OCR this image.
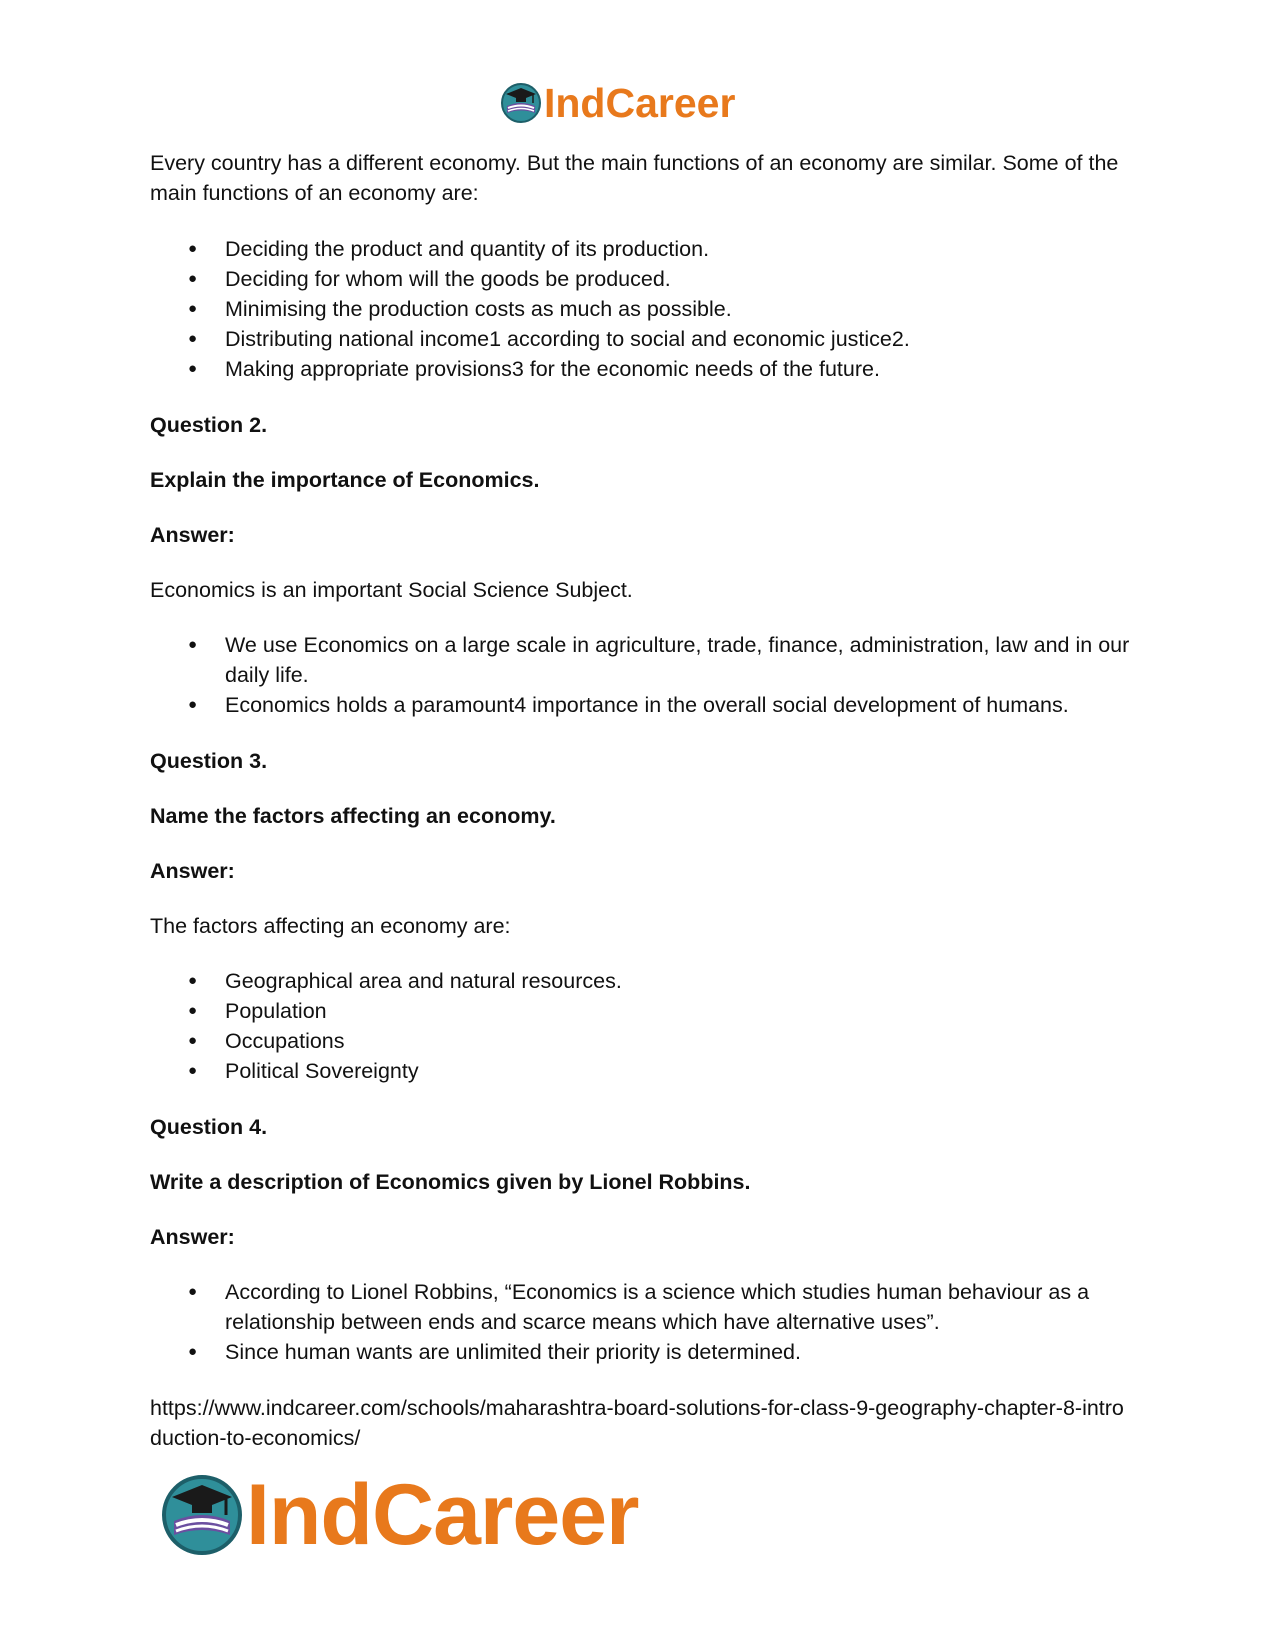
IndCareer

Every country has a different economy. But the main functions of an economy are similar. Some of the main functions of an economy are:

● Deciding the product and quantity of its production.
● Deciding for whom will the goods be produced.
● Minimising the production costs as much as possible.
● Distributing national income1 according to social and economic justice2.
● Making appropriate provisions3 for the economic needs of the future.

Question 2.

Explain the importance of Economics.

Answer:

Economics is an important Social Science Subject.

● We use Economics on a large scale in agriculture, trade, finance, administration, law and in our daily life.
● Economics holds a paramount4 importance in the overall social development of humans.

Question 3.

Name the factors affecting an economy.

Answer:

The factors affecting an economy are:

● Geographical area and natural resources.
● Population
● Occupations
● Political Sovereignty

Question 4.

Write a description of Economics given by Lionel Robbins.

Answer:

● According to Lionel Robbins, “Economics is a science which studies human behaviour as a relationship between ends and scarce means which have alternative uses”.
● Since human wants are unlimited their priority is determined.

https://www.indcareer.com/schools/maharashtra-board-solutions-for-class-9-geography-chapter-8-introduction-to-economics/

IndCareer
